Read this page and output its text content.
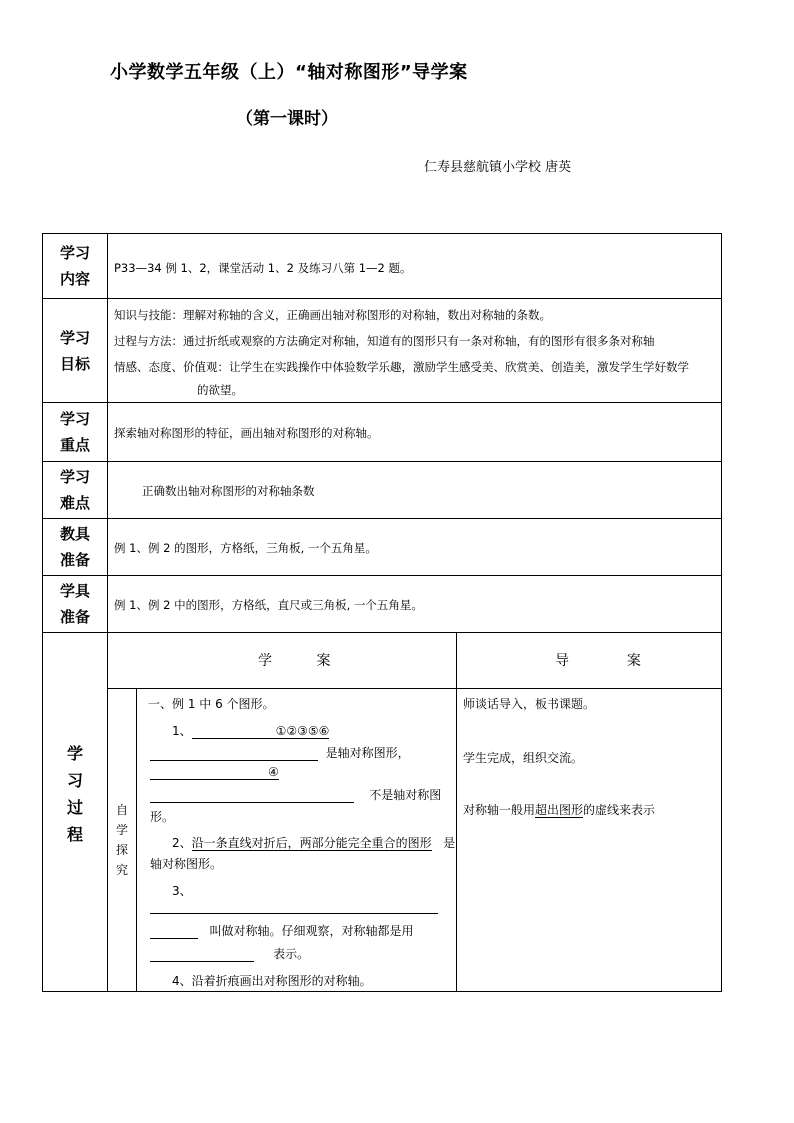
小学数学五年级（上）“轴对称图形”导学案
（第一课时）
仁寿县慈航镇小学校 唐英
学习
内容
P33—34 例 1、2，课堂活动 1、2 及练习八第 1—2 题。
学习
目标
知识与技能：理解对称轴的含义，正确画出轴对称图形的对称轴，数出对称轴的条数。
过程与方法：通过折纸或观察的方法确定对称轴，知道有的图形只有一条对称轴，有的图形有很多条对称轴
情感、态度、价值观：让学生在实践操作中体验数学乐趣，激励学生感受美、欣赏美、创造美，激发学生学好数学
的欲望。
学习
重点
探索轴对称图形的特征，画出轴对称图形的对称轴。
学习
难点
正确数出轴对称图形的对称轴条数
教具
准备
例 1、例 2 的图形，方格纸，三角板, 一个五角星。
学具
准备
例 1、例 2 中的图形，方格纸，直尺或三角板, 一个五角星。
学
习
过
程
学          案	导             案
自
学
探
究
一、例 1 中 6 个图形。
1、	①②③⑤⑥
是轴对称图形，
④
不是轴对称图
形。
2、沿一条直线对折后，两部分能完全重合的图形 是
轴对称图形。
3、
叫做对称轴。仔细观察，对称轴都是用
表示。
4、沿着折痕画出对称图形的对称轴。
师谈话导入，板书课题。
学生完成，组织交流。
对称轴一般用超出图形的虚线来表示
